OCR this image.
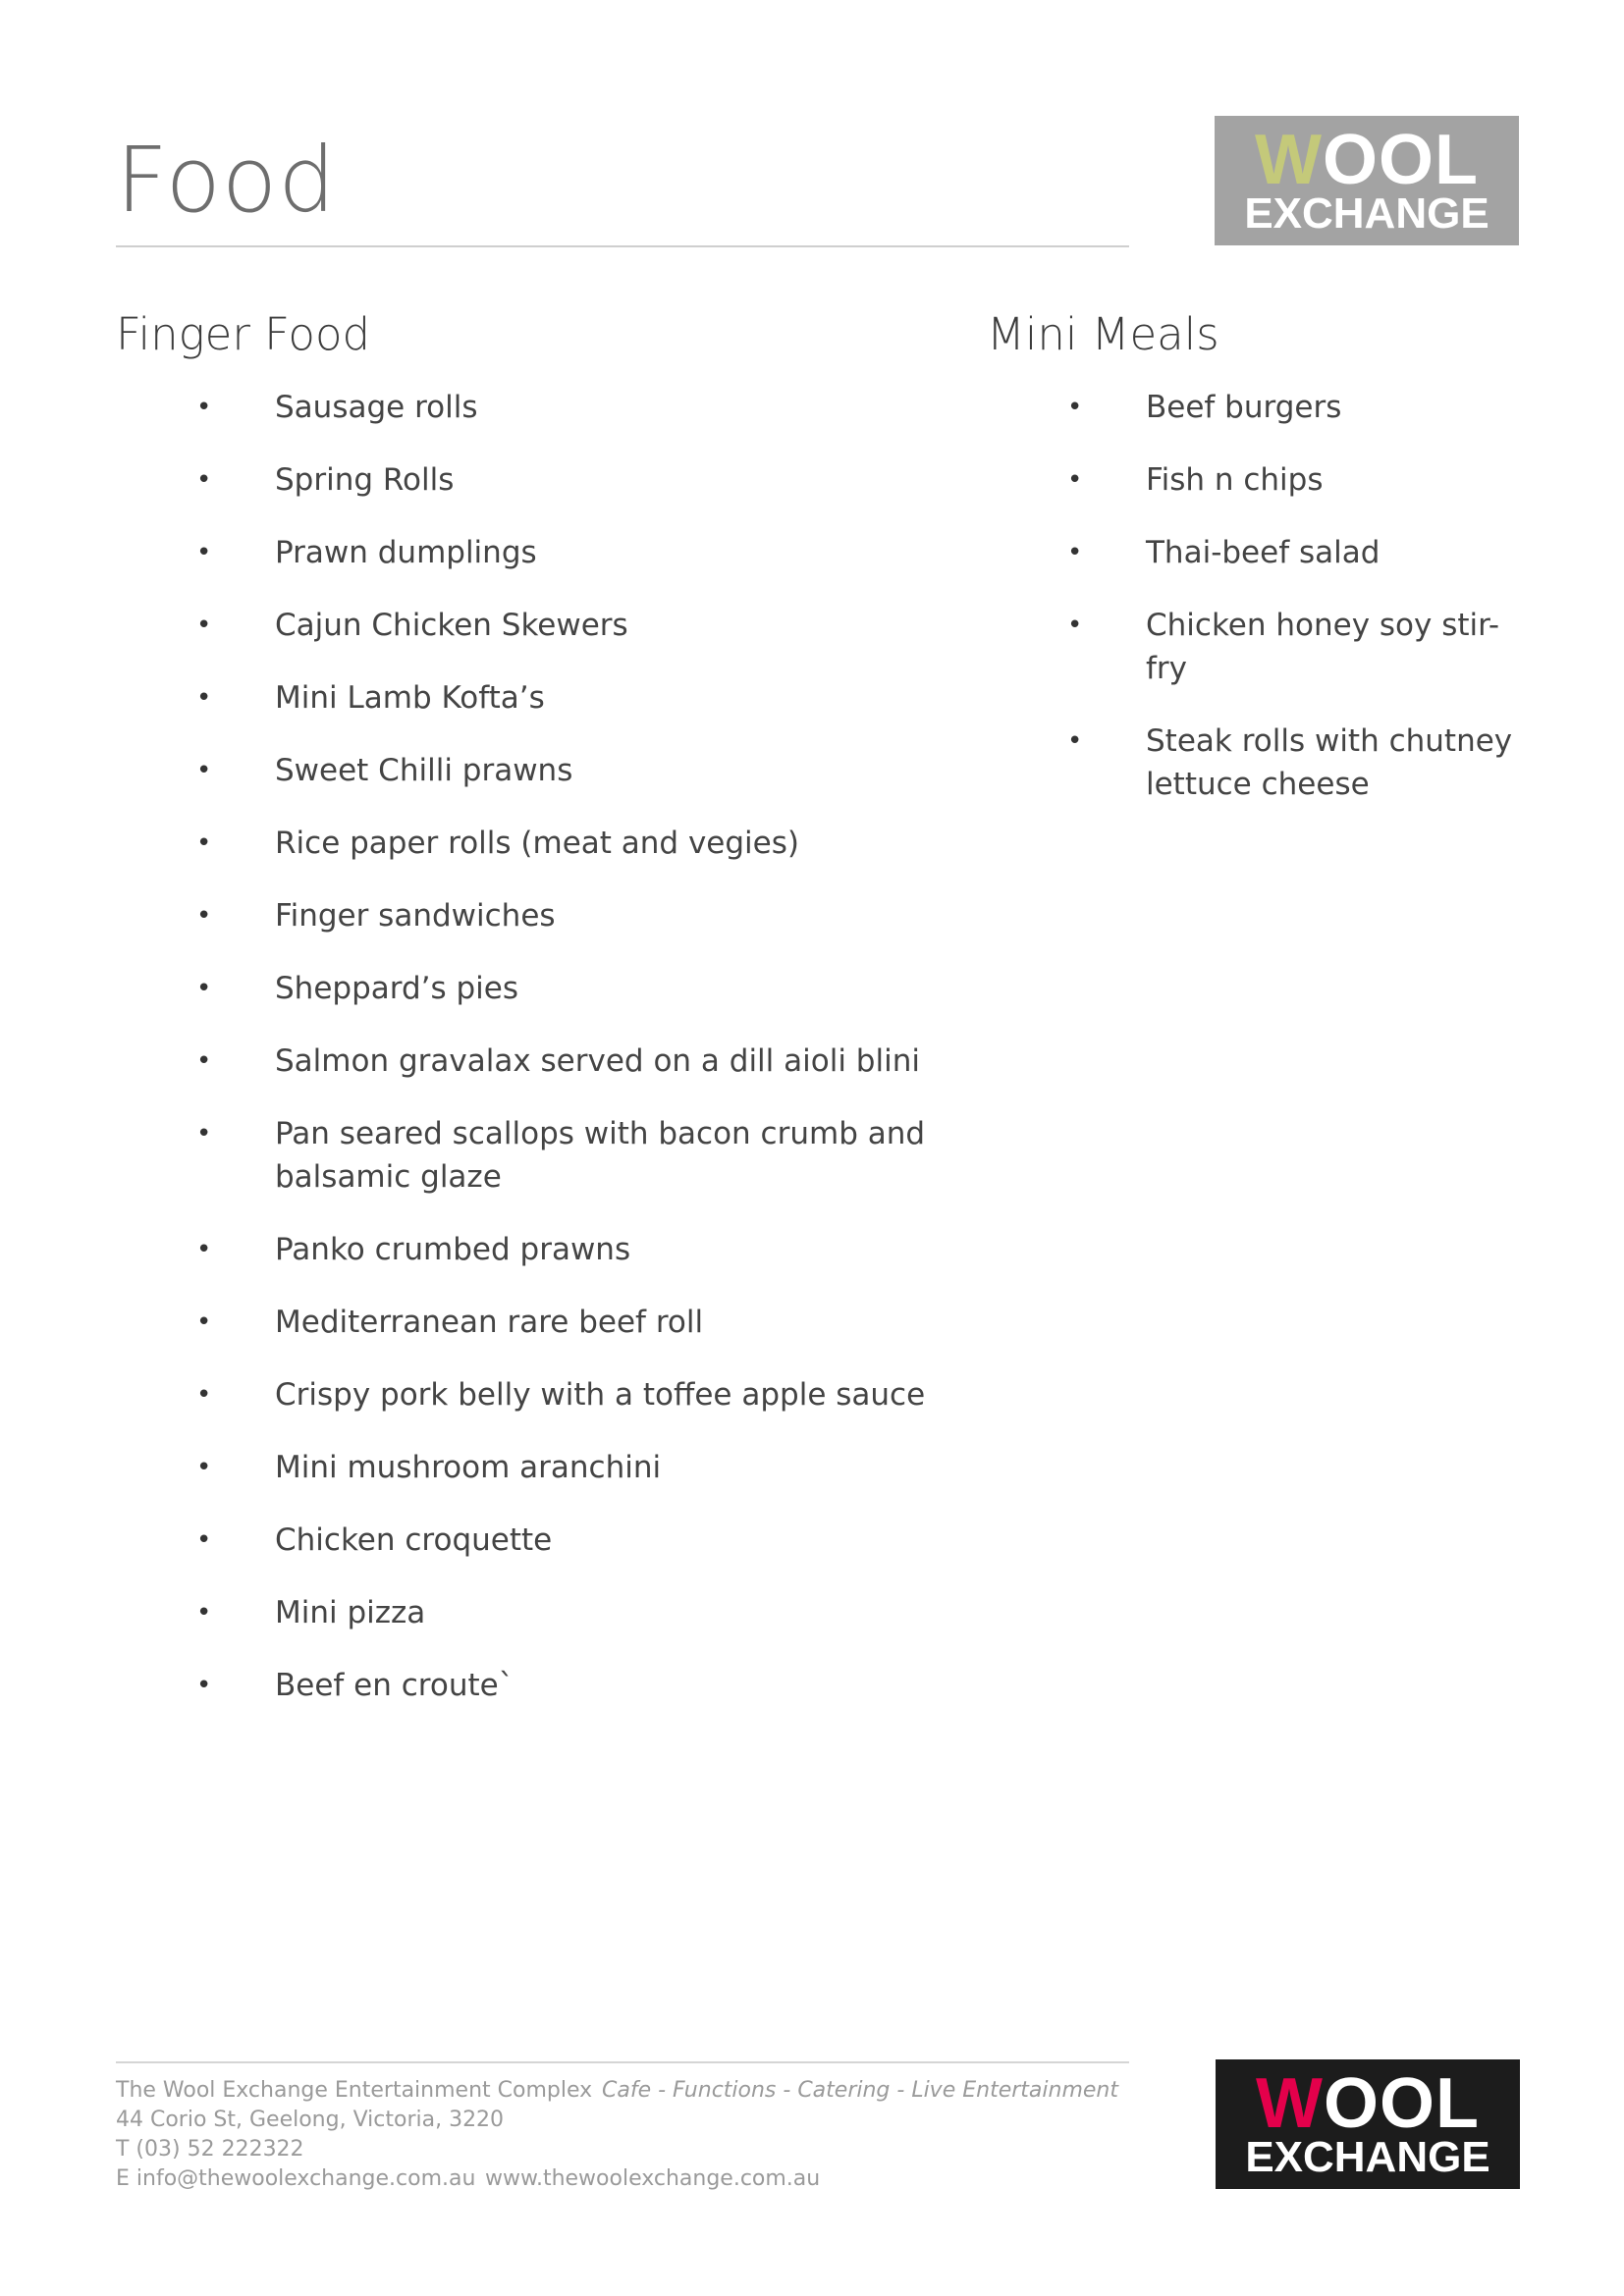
Food	WOOL
EXCHANGE
Finger Food
• Sausage rolls
• Spring Rolls
• Prawn dumplings
• Cajun Chicken Skewers
• Mini Lamb Kofta’s
• Sweet Chilli prawns
• Rice paper rolls (meat and vegies)
• Finger sandwiches
• Sheppard’s pies
• Salmon gravalax served on a dill aioli blini
• Pan seared scallops with bacon crumb and balsamic glaze
• Panko crumbed prawns
• Mediterranean rare beef roll
• Crispy pork belly with a toffee apple sauce
• Mini mushroom aranchini
• Chicken croquette
• Mini pizza
• Beef en croute`
Mini Meals
• Beef burgers
• Fish n chips
• Thai-beef salad
• Chicken honey soy stir-fry
• Steak rolls with chutney lettuce cheese
The Wool Exchange Entertainment Complex Cafe - Functions - Catering - Live Entertainment
44 Corio St, Geelong, Victoria, 3220
T (03) 52 222322
E info@thewoolexchange.com.au www.thewoolexchange.com.au
WOOL
EXCHANGE
